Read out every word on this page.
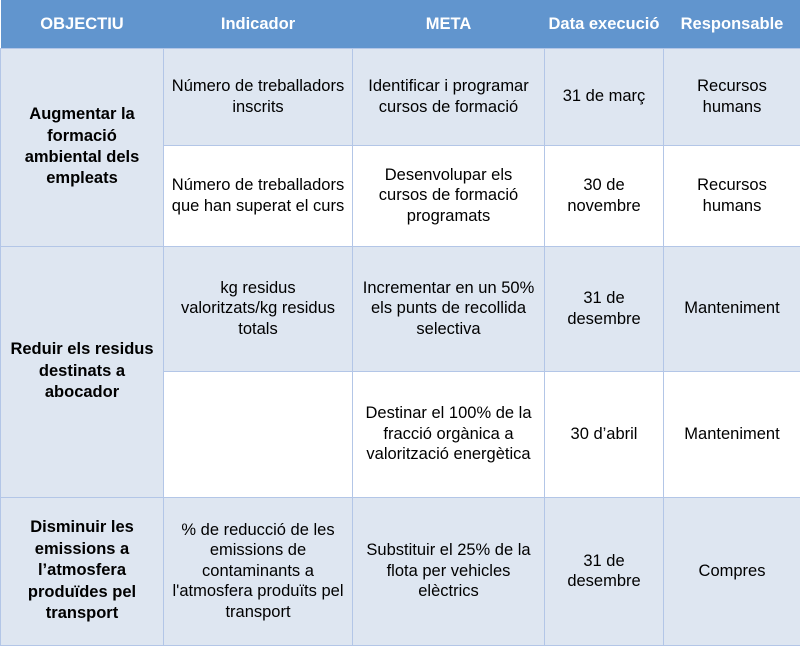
OBJECTIU	Indicador	META	Data execució	Responsable
Augmentar la formació ambiental dels empleats	Número de treballadors inscrits	Identificar i programar cursos de formació	31 de març	Recursos humans
	Número de treballadors que han superat el curs	Desenvolupar els cursos de formació programats	30 de novembre	Recursos humans
Reduir els residus destinats a abocador	kg residus valoritzats/kg residus totals	Incrementar en un 50% els punts de recollida selectiva	31 de desembre	Manteniment
		Destinar el 100% de la fracció orgànica a valorització energètica	30 d’abril	Manteniment
Disminuir les emissions a l’atmosfera produïdes pel transport	% de reducció de les emissions de contaminants a l'atmosfera produïts pel transport	Substituir el 25% de la flota per vehicles elèctrics	31 de desembre	Compres
